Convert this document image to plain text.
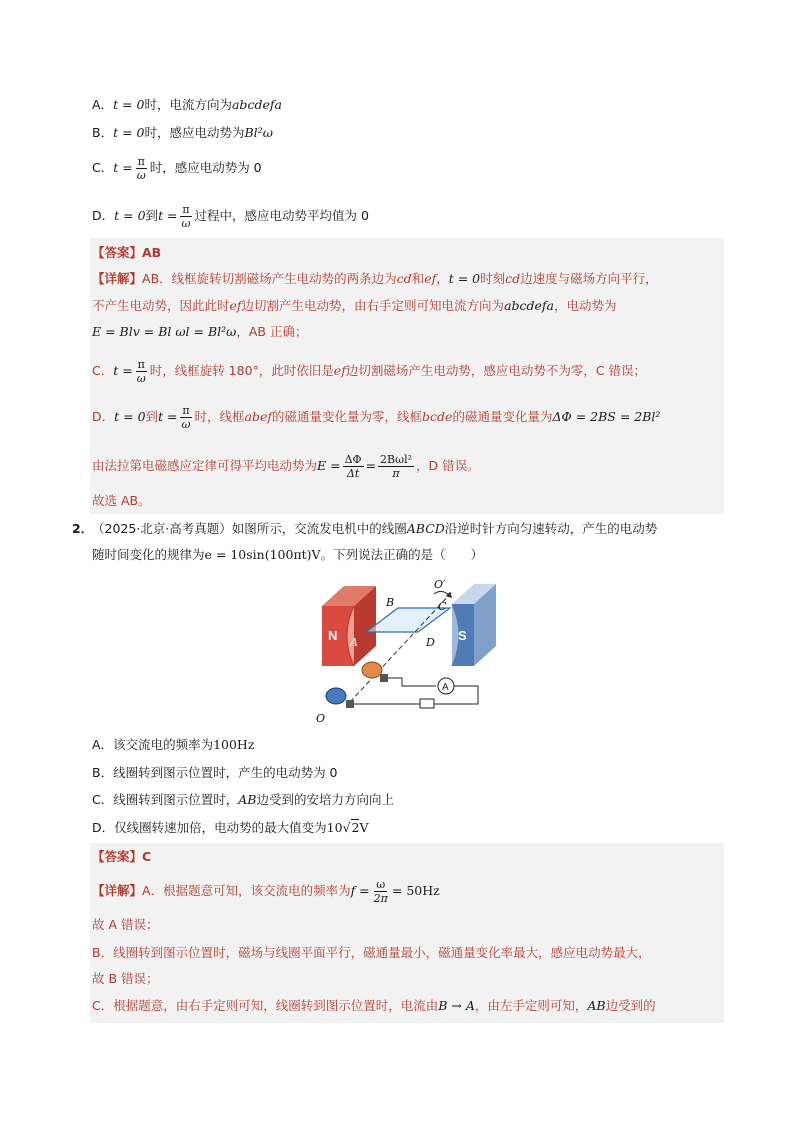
A．t = 0时，电流方向为abcdefa
B．t = 0时，感应电动势为Bl²ω
C．$t = \frac{\pi}{\omega}$ 时，感应电动势为 0
D．t = 0到$t = \frac{\pi}{\omega}$ 过程中，感应电动势平均值为 0
【答案】AB
【详解】AB．线框旋转切割磁场产生电动势的两条边为cd和ef，t = 0时刻cd边速度与磁场方向平行，
不产生电动势，因此此时ef边切割产生电动势，由右手定则可知电流方向为abcdefa，电动势为
E = Blv = Bl ωl = Bl²ω，AB 正确；
C．$t = \frac{\pi}{\omega}$ 时，线框旋转 180°，此时依旧是ef边切割磁场产生电动势，感应电动势不为零，C 错误；
D．t = 0到$t = \frac{\pi}{\omega}$ 时，线框abef的磁通量变化量为零，线框bcde的磁通量变化量为ΔΦ = 2BS = 2Bl²
由法拉第电磁感应定律可得平均电动势为$E = \frac{\Delta\Phi}{\Delta t} = \frac{\text{2Bωl²}}{\pi}$ ，D 错误。
故选 AB。
2．
（2025·北京·高考真题）如图所示，交流发电机中的线圈ABCD沿逆时针方向匀速转动，产生的电动势
随时间变化的规律为e = 10sin(100πt)V。下列说法正确的是（　　）
N	S
A
B
A
C
D
O′
O
A．该交流电的频率为100Hz
B．线圈转到图示位置时，产生的电动势为 0
C．线圈转到图示位置时，AB边受到的安培力方向向上
D．仅线圈转速加倍，电动势的最大值变为10√2V
【答案】C
【详解】A．根据题意可知，该交流电的频率为$f = \frac{\omega}{2\pi} = 50Hz$
故 A 错误；
B．线圈转到图示位置时，磁场与线圈平面平行，磁通量最小，磁通量变化率最大，感应电动势最大，
故 B 错误；
C．根据题意，由右手定则可知，线圈转到图示位置时，电流由B → A，由左手定则可知，AB边受到的
